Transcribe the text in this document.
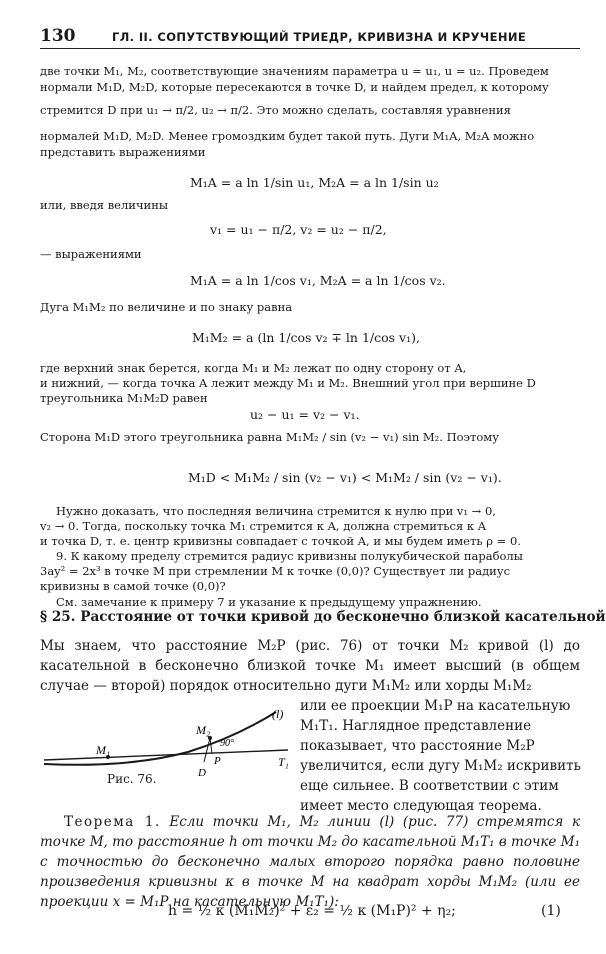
130	ГЛ. II. СОПУТСТВУЮЩИЙ ТРИЕДР, КРИВИЗНА И КРУЧЕНИЕ
две точки M₁, M₂, соответствующие значениям параметра u = u₁, u = u₂. Проведем
нормали M₁D, M₂D, которые пересекаются в точке D, и найдем предел, к которому
стремится D при u₁ → π/2, u₂ → π/2. Это можно сделать, составляя уравнения
нормалей M₁D, M₂D. Менее громоздким будет такой путь. Дуги M₁A, M₂A можно
представить выражениями
M₁A = a ln 1/sin u₁, M₂A = a ln 1/sin u₂
или, введя величины
v₁ = u₁ − π/2, v₂ = u₂ − π/2,
— выражениями
M₁A = a ln 1/cos v₁, M₂A = a ln 1/cos v₂.
Дуга M₁M₂ по величине и по знаку равна
M₁M₂ = a (ln 1/cos v₂ ∓ ln 1/cos v₁),
где верхний знак берется, когда M₁ и M₂ лежат по одну сторону от A,
и нижний, — когда точка A лежит между M₁ и M₂. Внешний угол при вершине D
треугольника M₁M₂D равен
u₂ − u₁ = v₂ − v₁.
Сторона M₁D этого треугольника равна M₁M₂ / sin (v₂ − v₁) sin M₂. Поэтому
M₁D < M₁M₂ / sin (v₂ − v₁) < M₁M₂ / sin (v₂ − v₁).
Нужно доказать, что последняя величина стремится к нулю при v₁ → 0,
v₂ → 0. Тогда, поскольку точка M₁ стремится к A, должна стремиться к A
и точка D, т. е. центр кривизны совпадает с точкой A, и мы будем иметь ρ = 0.
9. К какому пределу стремится радиус кривизны полукубической параболы
3ay² = 2x³ в точке M при стремлении M к точке (0,0)? Существует ли радиус
кривизны в самой точке (0,0)?
См. замечание к примеру 7 и указание к предыдущему упражнению.
§ 25. Расстояние от точки кривой до бесконечно близкой касательной
Мы знаем, что расстояние M₂P (рис. 76) от точки M₂ кривой (l) до касательной в бесконечно близкой точке M₁ имеет высший (в общем случае — второй) порядок относительно дуги M₁M₂ или хорды M₁M₂
или ее проекции M₁P на касательную M₁T₁. Наглядное представление показывает, что расстояние M₂P увеличится, если дугу M₁M₂ искривить еще сильнее. В соответствии с этим имеет место следующая теорема.
M₁
M₂
(l)
90°
P
D
T₁
Рис. 76.
Теорема 1. Если точки M₁, M₂ линии (l) (рис. 77) стремятся к точке M, то расстояние h от точки M₂ до касательной M₁T₁ в точке M₁ с точностью до бесконечно малых второго порядка равно половине произведения кривизны κ в точке M на квадрат хорды M₁M₂ (или ее проекции x = M₁P на касательную M₁T₁):
h = ½ κ (M₁M₂)² + ε₂ = ½ κ (M₁P)² + η₂;	(1)
